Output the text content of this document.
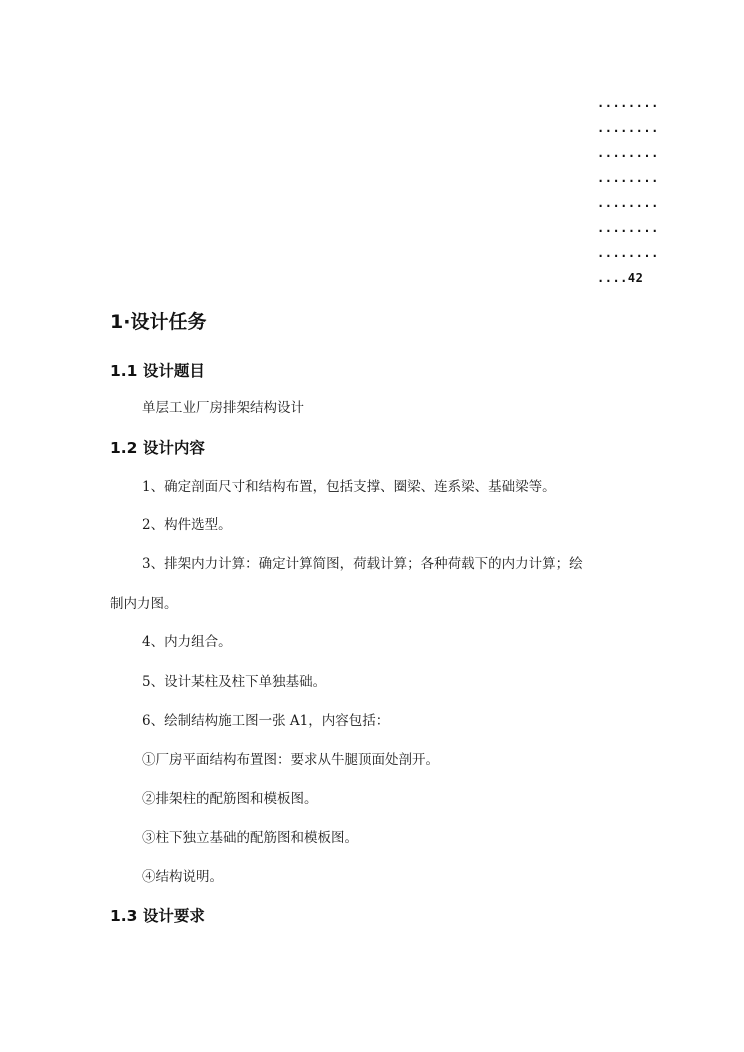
........
........
........
........
........
........
........
....42
1·设计任务
1.1 设计题目
单层工业厂房排架结构设计
1.2 设计内容
1、确定剖面尺寸和结构布置，包括支撑、圈梁、连系梁、基础梁等。
2、构件选型。
3、排架内力计算：确定计算简图，荷载计算；各种荷载下的内力计算；绘
制内力图。
4、内力组合。
5、设计某柱及柱下单独基础。
6、绘制结构施工图一张 A1，内容包括：
①厂房平面结构布置图：要求从牛腿顶面处剖开。
②排架柱的配筋图和模板图。
③柱下独立基础的配筋图和模板图。
④结构说明。
1.3 设计要求
